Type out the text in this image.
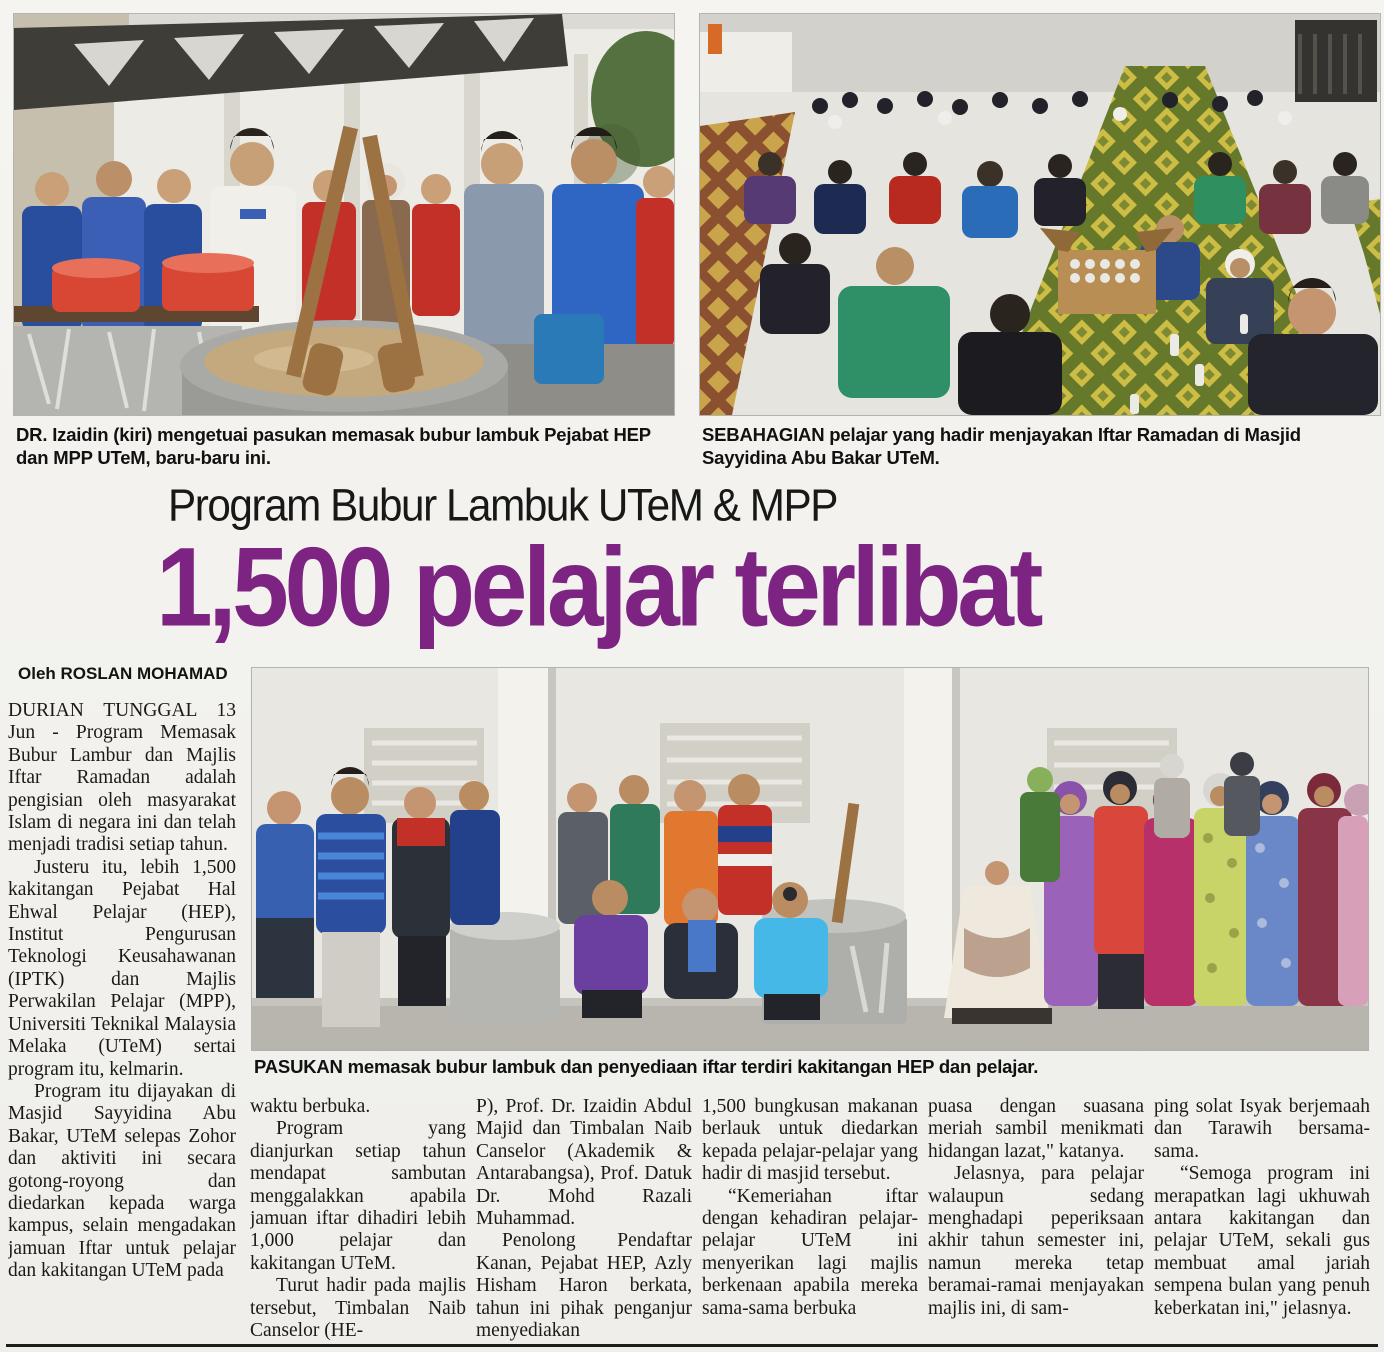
DR. Izaidin (kiri) mengetuai pasukan memasak bubur lambuk Pejabat HEP dan MPP UTeM, baru-baru ini.
SEBAHAGIAN pelajar yang hadir menjayakan Iftar Ramadan di Masjid Sayyidina Abu Bakar UTeM.
Program Bubur Lambuk UTeM & MPP
1,500 pelajar terlibat
Oleh ROSLAN MOHAMAD
PASUKAN memasak bubur lambuk dan penyediaan iftar terdiri kakitangan HEP dan pelajar.

DURIAN TUNGGAL 13 Jun - Program Memasak Bubur Lambur dan Majlis Iftar Ramadan adalah pengisian oleh masyarakat Islam di negara ini dan telah menjadi tradisi setiap tahun.

Justeru itu, lebih 1,500 kakitangan Pejabat Hal Ehwal Pelajar (HEP), Institut Pengurusan Teknologi Keusahawanan (IPTK) dan Majlis Perwakilan Pelajar (MPP), Universiti Teknikal Malaysia Melaka (UTeM) sertai program itu, kelmarin.

Program itu dijayakan di Masjid Sayyidina Abu Bakar, UTeM selepas Zohor dan aktiviti ini secara gotong-royong dan diedarkan kepada warga kampus, selain mengadakan jamuan Iftar untuk pelajar dan kakitangan UTeM pada

waktu berbuka.

Program yang dianjurkan setiap tahun mendapat sambutan menggalakkan apabila jamuan iftar dihadiri lebih 1,000 pelajar dan kakitangan UTeM.

Turut hadir pada majlis tersebut, Timbalan Naib Canselor (HE-

P), Prof. Dr. Izaidin Abdul Majid dan Timbalan Naib Canselor (Akademik & Antarabangsa), Prof. Datuk Dr. Mohd Razali Muhammad.

Penolong Pendaftar Kanan, Pejabat HEP, Azly Hisham Haron berkata, tahun ini pihak penganjur menyediakan

1,500 bungkusan makanan berlauk untuk diedarkan kepada pelajar-pelajar yang hadir di masjid tersebut.

“Kemeriahan iftar dengan kehadiran pelajar-pelajar UTeM ini menyerikan lagi majlis berkenaan apabila mereka sama-sama berbuka

puasa dengan suasana meriah sambil menikmati hidangan lazat," katanya.

Jelasnya, para pelajar walaupun sedang menghadapi peperiksaan akhir tahun semester ini, namun mereka tetap beramai-ramai menjayakan majlis ini, di sam-

ping solat Isyak berjemaah dan Tarawih bersama-sama.

“Semoga program ini merapatkan lagi ukhuwah antara kakitangan dan pelajar UTeM, sekali gus membuat amal jariah sempena bulan yang penuh keberkatan ini," jelasnya.
